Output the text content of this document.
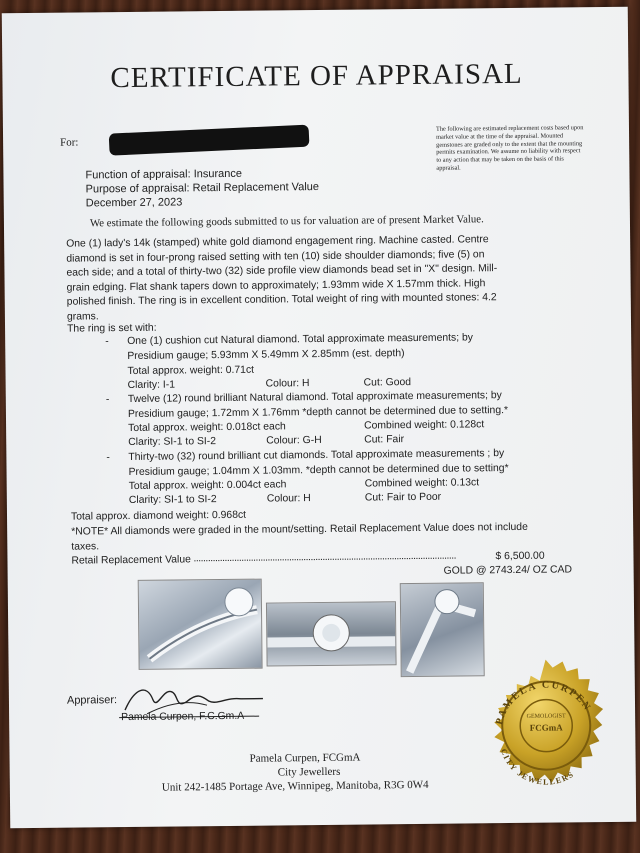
CERTIFICATE OF APPRAISAL
For:
The following are estimated replacement costs based upon market value at the time of the appraisal. Mounted gemstones are graded only to the extent that the mounting permits examination. We assume no liability with respect to any action that may be taken on the basis of this appraisal.
Function of appraisal: Insurance
Purpose of appraisal: Retail Replacement Value
December 27, 2023
We estimate the following goods submitted to us for valuation are of present Market Value.
One (1) lady's 14k (stamped) white gold diamond engagement ring. Machine casted. Centre
diamond is set in four-prong raised setting with ten (10) side shoulder diamonds; five (5) on
each side; and a total of thirty-two (32) side profile view diamonds bead set in "X" design. Mill-
grain edging. Flat shank tapers down to approximately; 1.93mm wide X 1.57mm thick. High
polished finish. The ring is in excellent condition. Total weight of ring with mounted stones: 4.2
grams.
The ring is set with:
- One (1) cushion cut Natural diamond. Total approximate measurements; by
Presidium gauge; 5.93mm X 5.49mm X 2.85mm (est. depth)
Total approx. weight: 0.71ct
Clarity: I-1	Colour: H	Cut: Good
- Twelve (12) round brilliant Natural diamond. Total approximate measurements; by
Presidium gauge; 1.72mm X 1.76mm *depth cannot be determined due to setting.*
Total approx. weight: 0.018ct each	Combined weight: 0.128ct
Clarity: SI-1 to SI-2	Colour: G-H	Cut: Fair
- Thirty-two (32) round brilliant cut diamonds. Total approximate measurements ; by
Presidium gauge; 1.04mm X 1.03mm. *depth cannot be determined due to setting*
Total approx. weight: 0.004ct each	Combined weight: 0.13ct
Clarity: SI-1 to SI-2	Colour: H	Cut: Fair to Poor
Total approx. diamond weight: 0.968ct
*NOTE* All diamonds were graded in the mount/setting. Retail Replacement Value does not include
taxes.
Retail Replacement Value ..............................................................................................................	$ 6,500.00
GOLD @ 2743.24/ OZ CAD
Appraiser:
Pamela Curpen, F.C.Gm.A
Pamela Curpen, FCGmA
City Jewellers
Unit 242-1485 Portage Ave, Winnipeg, Manitoba, R3G 0W4
PAMELA CURPEN
GEMOLOGIST
FCGmA
CITY JEWELLERS
